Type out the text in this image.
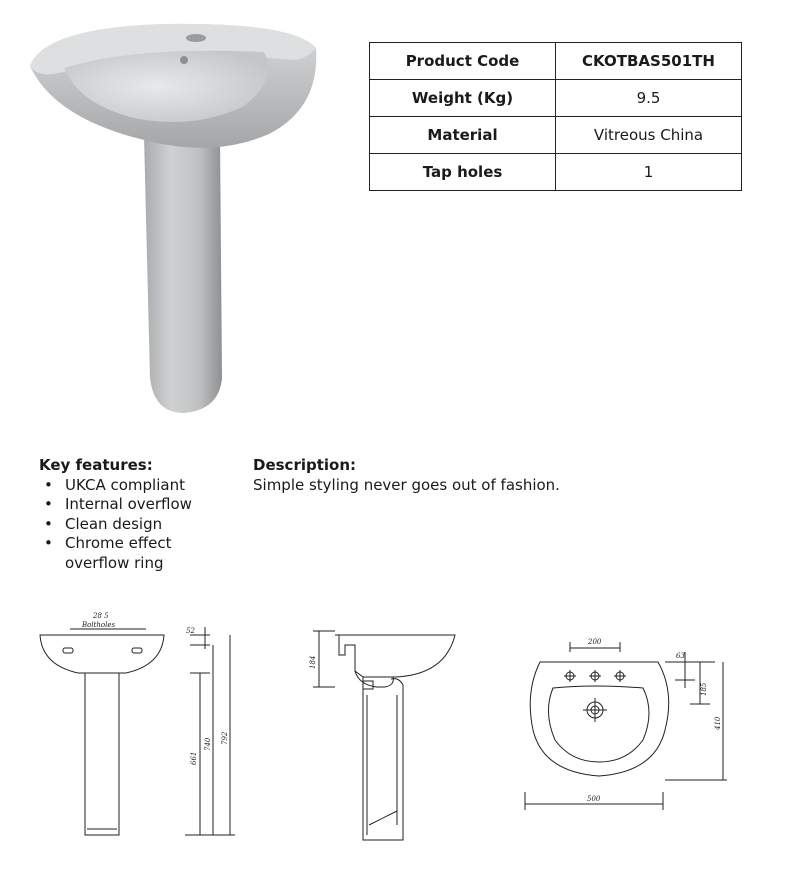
Product Code	CKOTBAS501TH
Weight (Kg)	9.5
Material	Vitreous China
Tap holes	1
Key features:
• UKCA compliant
• Internal overflow
• Clean design
• Chrome effect overflow ring
Description:

Simple styling never goes out of fashion.

28 5
Boltholes
52
661
740 792
184
200
63
185
410
500
